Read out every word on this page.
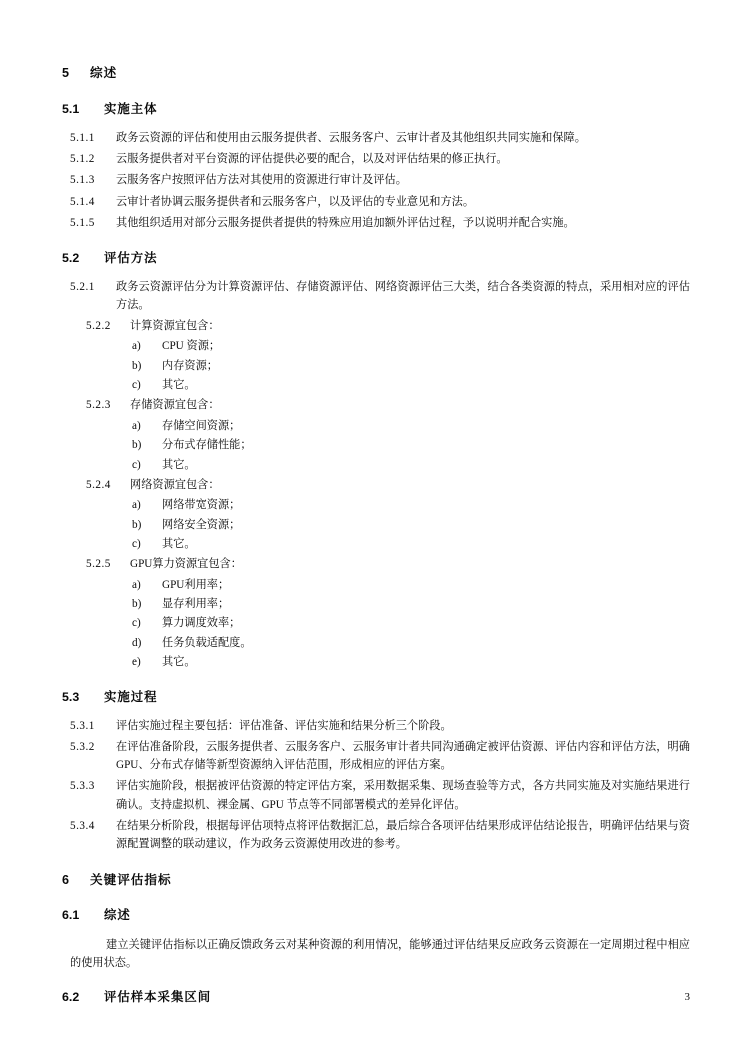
5	综述
5.1	实施主体
5.1.1	政务云资源的评估和使用由云服务提供者、云服务客户、云审计者及其他组织共同实施和保障。
5.1.2	云服务提供者对平台资源的评估提供必要的配合，以及对评估结果的修正执行。
5.1.3	云服务客户按照评估方法对其使用的资源进行审计及评估。
5.1.4	云审计者协调云服务提供者和云服务客户，以及评估的专业意见和方法。
5.1.5	其他组织适用对部分云服务提供者提供的特殊应用追加额外评估过程，予以说明并配合实施。
5.2	评估方法
5.2.1	政务云资源评估分为计算资源评估、存储资源评估、网络资源评估三大类，结合各类资源的特点，采用相对应的评估方法。
5.2.2	计算资源宜包含：
a)	CPU 资源；
b)	内存资源；
c)	其它。
5.2.3	存储资源宜包含：
a)	存储空间资源；
b)	分布式存储性能；
c)	其它。
5.2.4	网络资源宜包含：
a)	网络带宽资源；
b)	网络安全资源；
c)	其它。
5.2.5	GPU算力资源宜包含：
a)	GPU利用率；
b)	显存利用率；
c)	算力调度效率；
d)	任务负载适配度。
e)	其它。
5.3	实施过程
5.3.1	评估实施过程主要包括：评估准备、评估实施和结果分析三个阶段。
5.3.2	在评估准备阶段，云服务提供者、云服务客户、云服务审计者共同沟通确定被评估资源、评估内容和评估方法，明确GPU、分布式存储等新型资源纳入评估范围，形成相应的评估方案。
5.3.3	评估实施阶段，根据被评估资源的特定评估方案，采用数据采集、现场查验等方式，各方共同实施及对实施结果进行确认。支持虚拟机、裸金属、GPU 节点等不同部署模式的差异化评估。
5.3.4	在结果分析阶段，根据每评估项特点将评估数据汇总，最后综合各项评估结果形成评估结论报告，明确评估结果与资源配置调整的联动建议，作为政务云资源使用改进的参考。
6	关键评估指标
6.1	综述
建立关键评估指标以正确反馈政务云对某种资源的利用情况，能够通过评估结果反应政务云资源在一定周期过程中相应的使用状态。
6.2	评估样本采集区间	3
